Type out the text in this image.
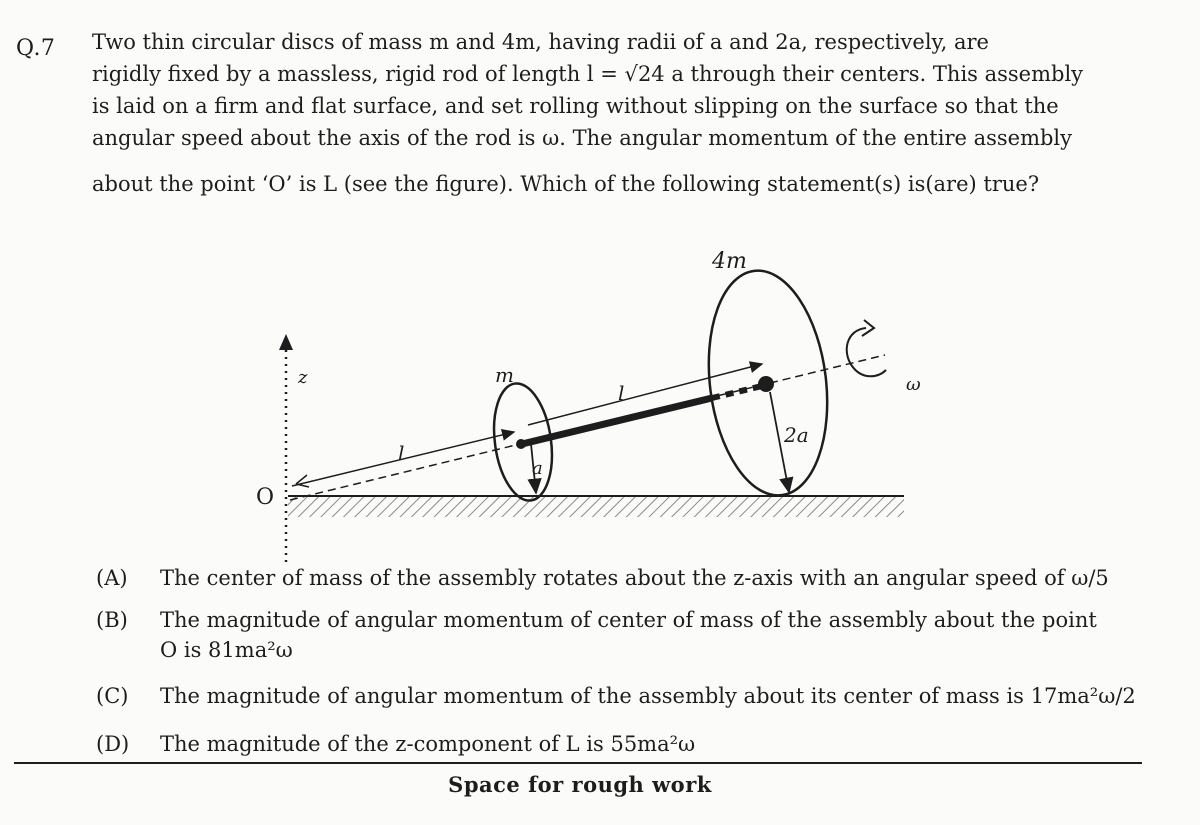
Q.7 Two thin circular discs of mass m and 4m, having radii of a and 2a, respectively, are
rigidly fixed by a massless, rigid rod of length l = √24 a through their centers. This assembly
is laid on a firm and flat surface, and set rolling without slipping on the surface so that the
angular speed about the axis of the rod is ω. The angular momentum of the entire assembly
about the point ‘O’ is L (see the figure). Which of the following statement(s) is(are) true?
z
O
a
m
2a
4m
l
l	ω
(A) The center of mass of the assembly rotates about the z-axis with an angular speed of ω/5
(B) The magnitude of angular momentum of center of mass of the assembly about the point
O is 81ma²ω
(C) The magnitude of angular momentum of the assembly about its center of mass is 17ma²ω/2
(D) The magnitude of the z-component of L is 55ma²ω
Space for rough work
